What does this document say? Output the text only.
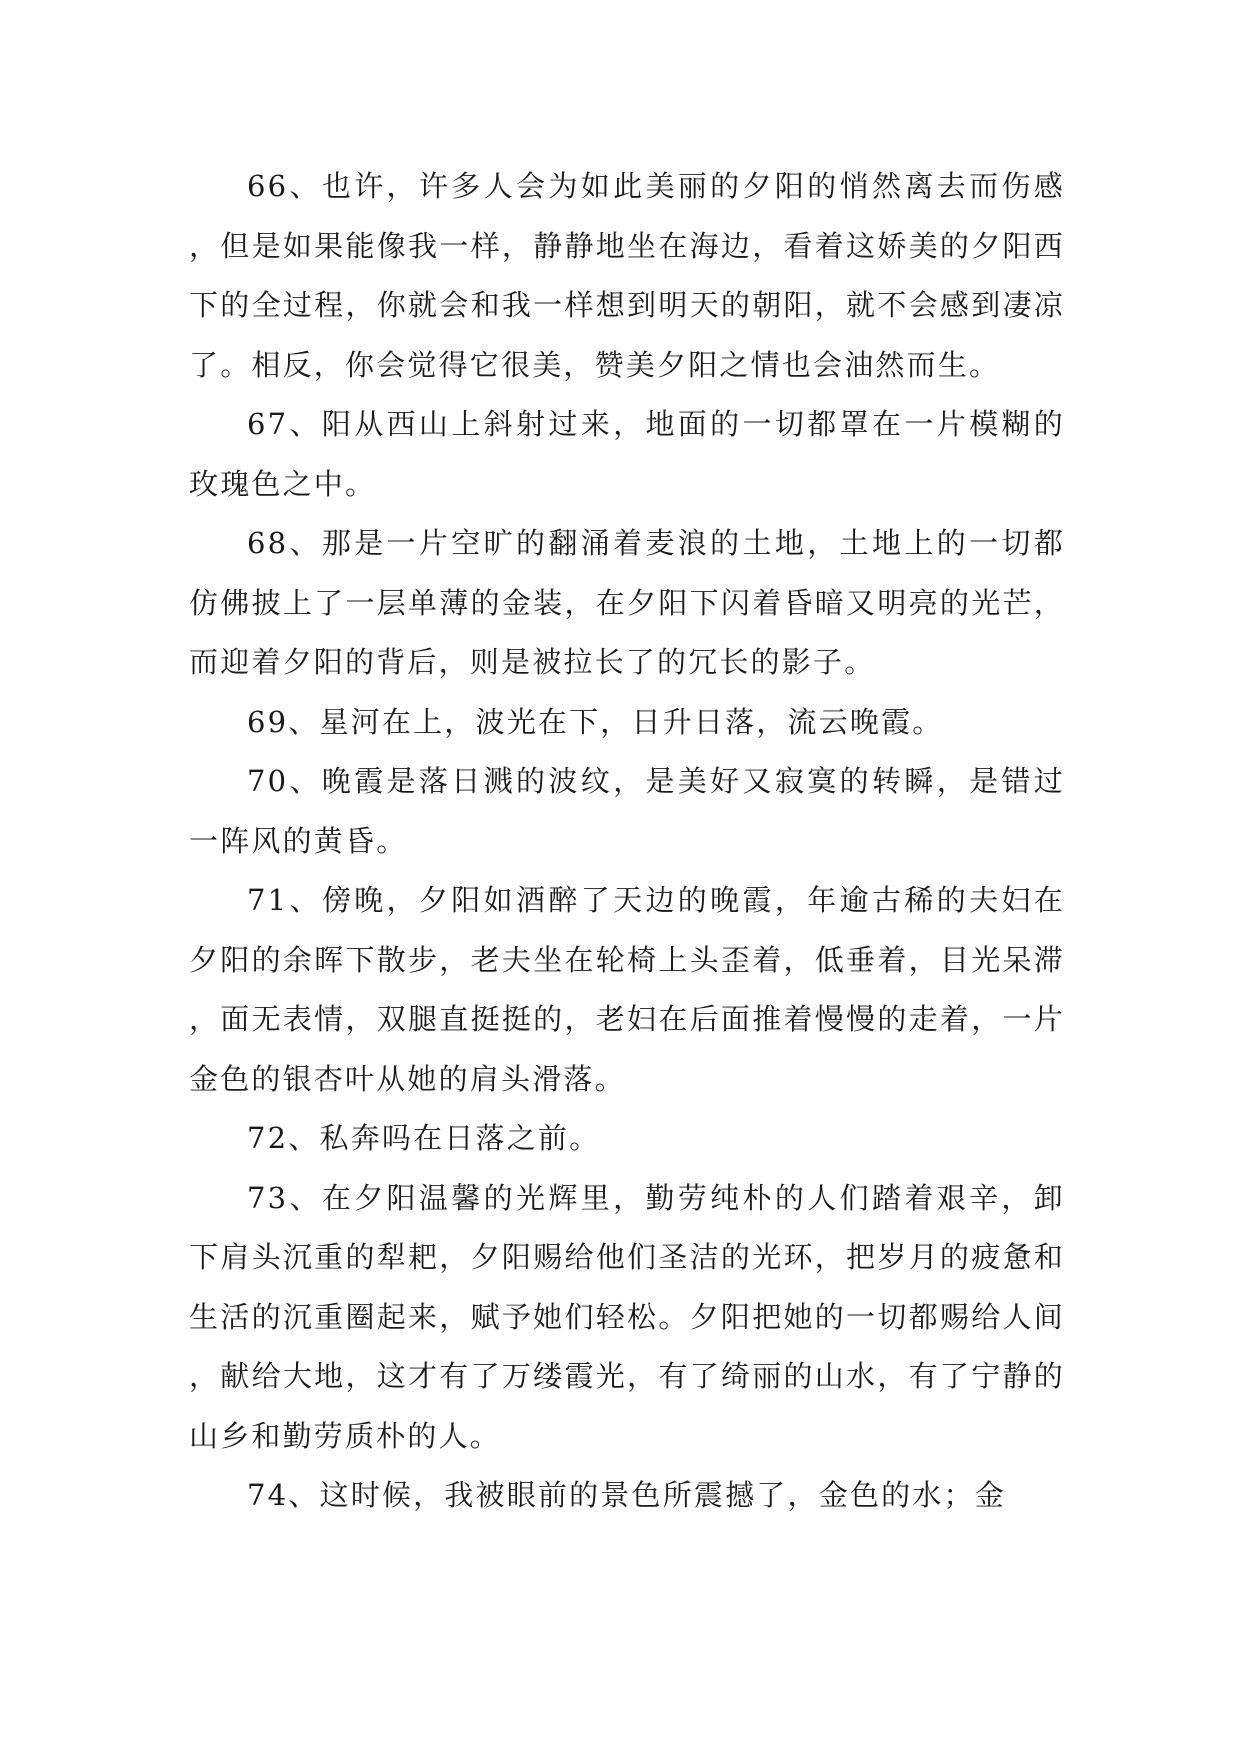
66、也许，许多人会为如此美丽的夕阳的悄然离去而伤感，但是如果能像我一样，静静地坐在海边，看着这娇美的夕阳西下的全过程，你就会和我一样想到明天的朝阳，就不会感到凄凉了。相反，你会觉得它很美，赞美夕阳之情也会油然而生。

67、阳从西山上斜射过来，地面的一切都罩在一片模糊的玫瑰色之中。

68、那是一片空旷的翻涌着麦浪的土地，土地上的一切都仿佛披上了一层单薄的金装，在夕阳下闪着昏暗又明亮的光芒，而迎着夕阳的背后，则是被拉长了的冗长的影子。

69、星河在上，波光在下，日升日落，流云晚霞。

70、晚霞是落日溅的波纹，是美好又寂寞的转瞬，是错过一阵风的黄昏。

71、傍晚，夕阳如酒醉了天边的晚霞，年逾古稀的夫妇在夕阳的余晖下散步，老夫坐在轮椅上头歪着，低垂着，目光呆滞，面无表情，双腿直挺挺的，老妇在后面推着慢慢的走着，一片金色的银杏叶从她的肩头滑落。

72、私奔吗在日落之前。

73、在夕阳温馨的光辉里，勤劳纯朴的人们踏着艰辛，卸下肩头沉重的犁耙，夕阳赐给他们圣洁的光环，把岁月的疲惫和生活的沉重圈起来，赋予她们轻松。夕阳把她的一切都赐给人间，献给大地，这才有了万缕霞光，有了绮丽的山水，有了宁静的山乡和勤劳质朴的人。

74、这时候，我被眼前的景色所震撼了，金色的水；金
